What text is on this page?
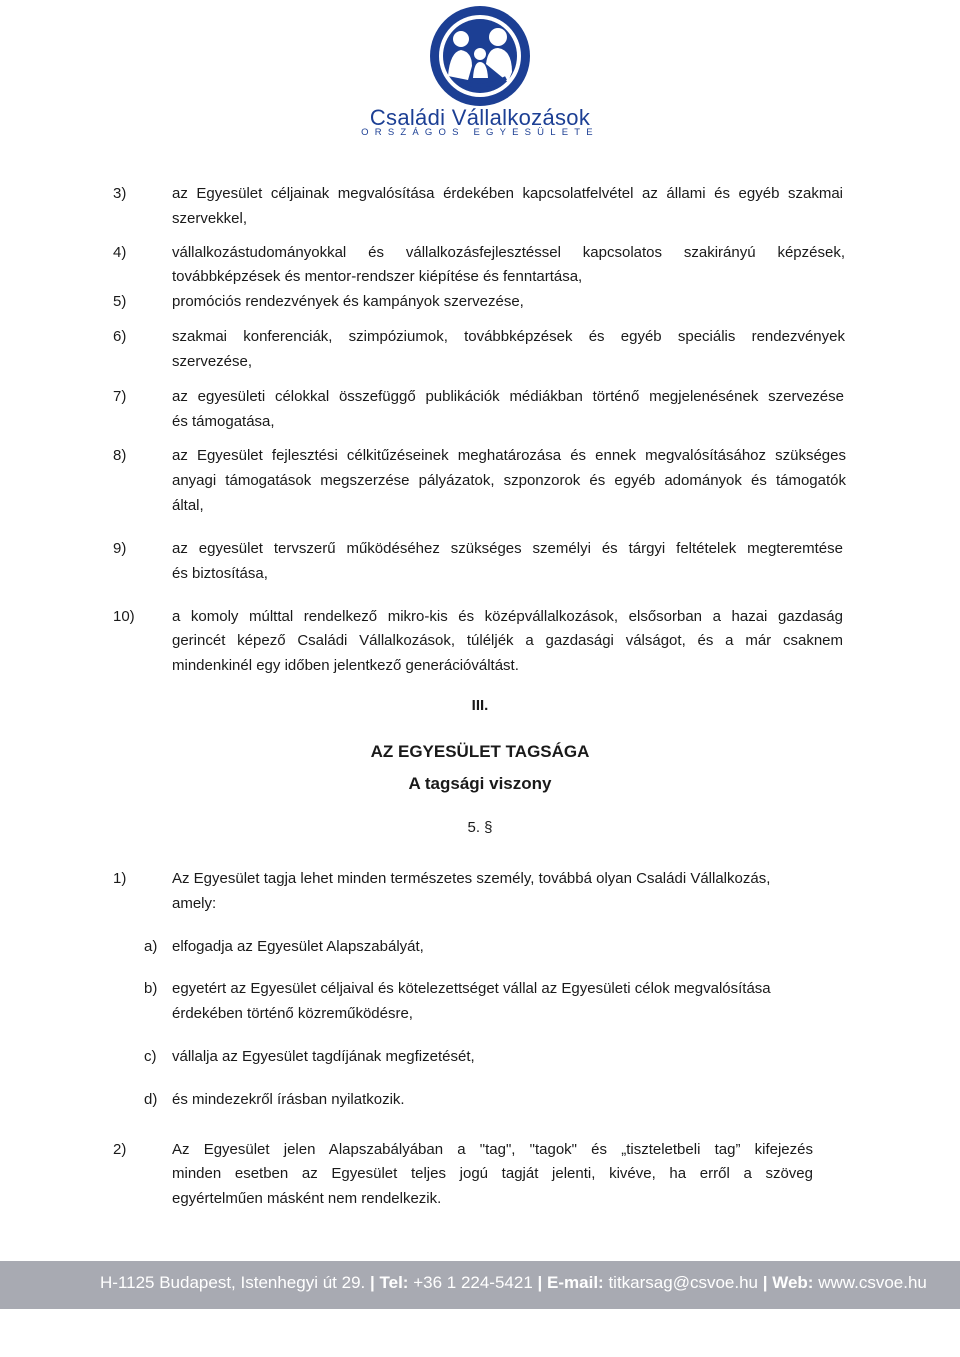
Családi Vállalkozások
ORSZÁGOS EGYESÜLETE
3)	az Egyesület céljainak megvalósítása érdekében kapcsolatfelvétel az állami és egyéb szakmai
szervekkel,
4)	vállalkozástudományokkal és vállalkozásfejlesztéssel kapcsolatos szakirányú képzések,
továbbképzések és mentor-rendszer kiépítése és fenntartása,
5)	promóciós rendezvények és kampányok szervezése,
6)	szakmai konferenciák, szimpóziumok, továbbképzések és egyéb speciális rendezvények
szervezése,
7)	az egyesületi célokkal összefüggő publikációk médiákban történő megjelenésének szervezése
és támogatása,
8)	az Egyesület fejlesztési célkitűzéseinek meghatározása és ennek megvalósításához szükséges
anyagi támogatások megszerzése pályázatok, szponzorok és egyéb adományok és támogatók
által,
9)	az egyesület tervszerű működéséhez szükséges személyi és tárgyi feltételek megteremtése
és biztosítása,
10) a komoly múlttal rendelkező mikro-kis és középvállalkozások, elsősorban a hazai gazdaság
gerincét képező Családi Vállalkozások, túléljék a gazdasági válságot, és a már csaknem
mindenkinél egy időben jelentkező generációváltást.
III.
AZ EGYESÜLET TAGSÁGA
A tagsági viszony
5. §
1)	Az Egyesület tagja lehet minden természetes személy, továbbá olyan Családi Vállalkozás,
amely:
a) elfogadja az Egyesület Alapszabályát,
b) egyetért az Egyesület céljaival és kötelezettséget vállal az Egyesületi célok megvalósítása
érdekében történő közreműködésre,
c) vállalja az Egyesület tagdíjának megfizetését,
d) és mindezekről írásban nyilatkozik.
2)	Az Egyesület jelen Alapszabályában a "tag", "tagok" és „tiszteletbeli tag” kifejezés
minden esetben az Egyesület teljes jogú tagját jelenti, kivéve, ha erről a szöveg
egyértelműen másként nem rendelkezik.
H-1125 Budapest, Istenhegyi út 29. | Tel: +36 1 224-5421 | E-mail: titkarsag@csvoe.hu | Web: www.csvoe.hu
